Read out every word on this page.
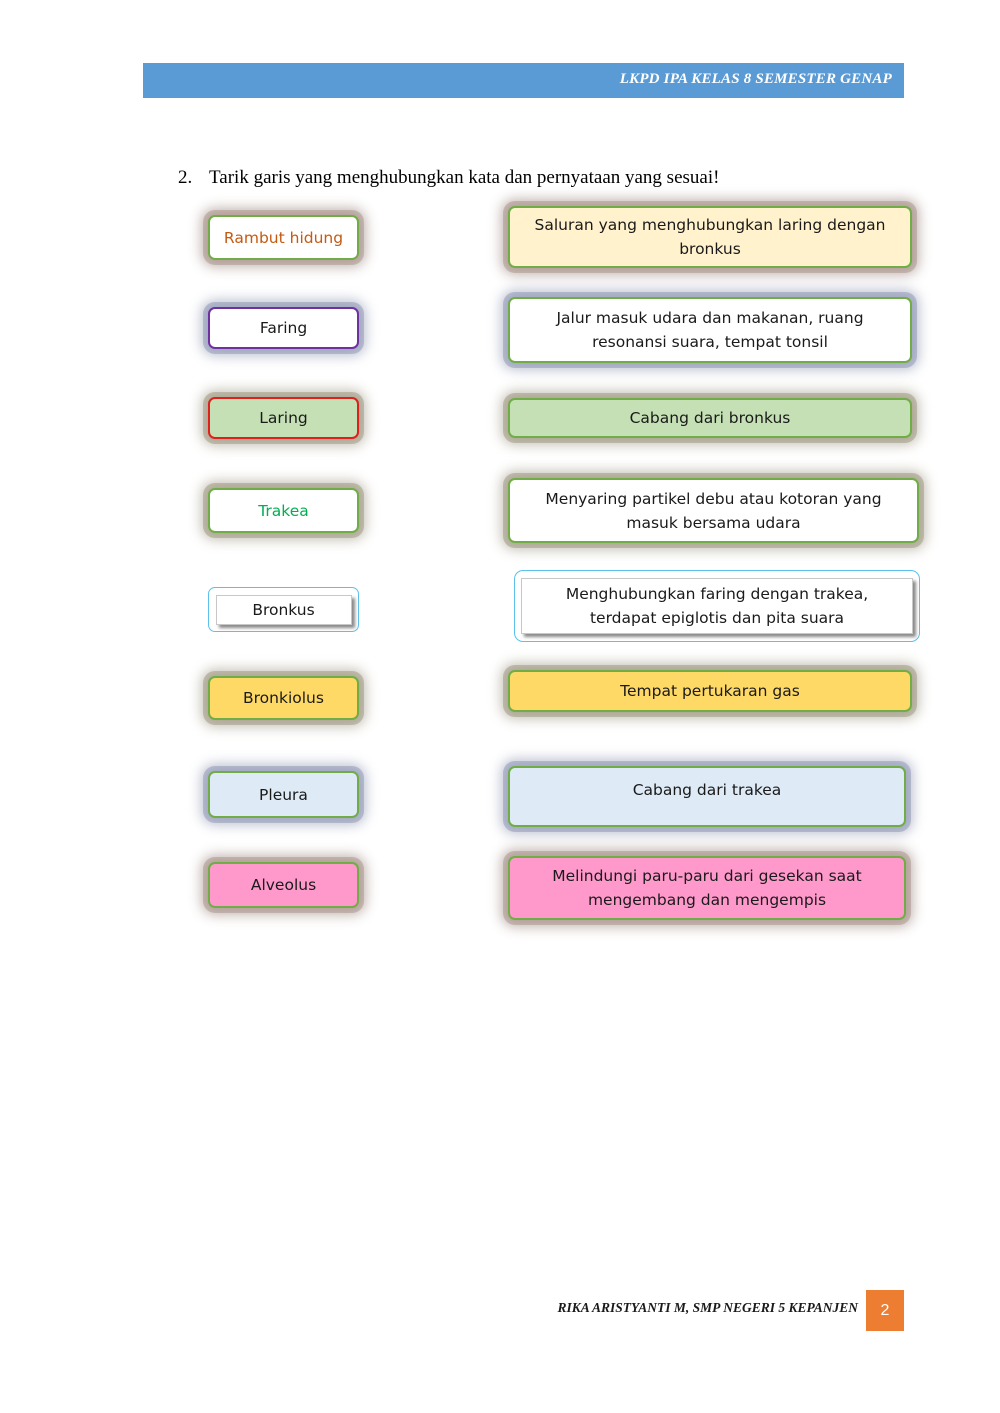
LKPD IPA KELAS 8 SEMESTER GENAP
2. Tarik garis yang menghubungkan kata dan pernyataan yang sesuai!
Rambut hidung
Faring
Laring
Trakea
Bronkus
Bronkiolus
Pleura
Alveolus
Saluran yang menghubungkan laring dengan bronkus
Jalur masuk udara dan makanan, ruang resonansi suara, tempat tonsil
Cabang dari bronkus
Menyaring partikel debu atau kotoran yang masuk bersama udara
Menghubungkan faring dengan trakea, terdapat epiglotis dan pita suara
Tempat pertukaran gas
Cabang dari trakea
Melindungi paru-paru dari gesekan saat mengembang dan mengempis
RIKA ARISTYANTI M, SMP NEGERI 5 KEPANJEN 2
